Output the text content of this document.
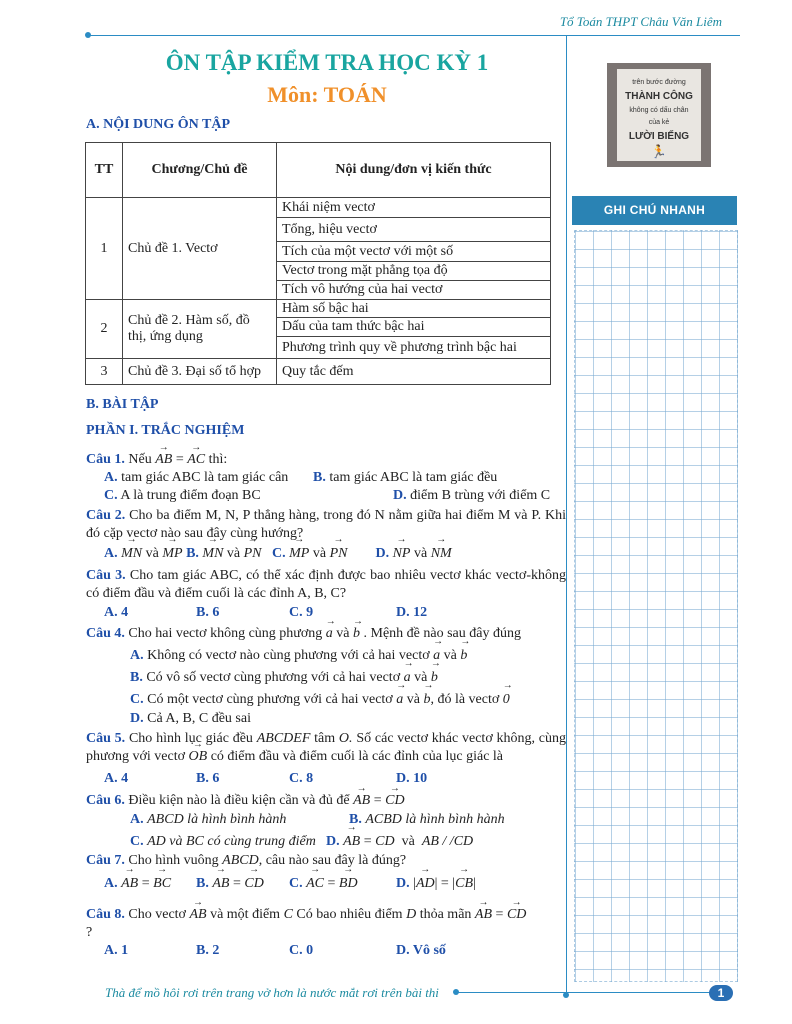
Tổ Toán THPT Châu Văn Liêm
ÔN TẬP KIỂM TRA HỌC KỲ 1
Môn: TOÁN	trên bước đường
THÀNH CÔNG
không có dấu chân
của kẻ
LƯỜI BIẾNG
🏃
GHI CHÚ NHANH
A. NỘI DUNG ÔN TẬP
TT	Chương/Chủ đề	Nội dung/đơn vị kiến thức
1	Chủ đề 1. Vectơ	Khái niệm vectơ
		Tổng, hiệu vectơ
		Tích của một vectơ với một số
		Vectơ trong mặt phẳng tọa độ
		Tích vô hướng của hai vectơ
2	Chủ đề 2. Hàm số, đồ thị, ứng dụng	Hàm số bậc hai
		Dấu của tam thức bậc hai
		Phương trình quy về phương trình bậc hai
3	Chủ đề 3. Đại số tổ hợp	Quy tắc đếm
B. BÀI TẬP
PHẦN I. TRẮC NGHIỆM
Câu 1. Nếu → AB = → AC thì:
A. tam giác ABC là tam giác cân B. tam giác ABC là tam giác đều
C. A là trung điểm đoạn BC	D. điểm B trùng với điểm C
Câu 2. Cho ba điểm M, N, P thẳng hàng, trong đó N nằm giữa hai điểm M và P. Khi đó cặp vectơ nào sau đây cùng hướng?
A. → MN và → MP B. → MN và → PN C. → MP và → PN D. → NP và → NM
Câu 3. Cho tam giác ABC, có thể xác định được bao nhiêu vectơ khác vectơ-không có điểm đầu và điểm cuối là các đỉnh A, B, C?
A. 4	B. 6	C. 9	D. 12
Câu 4. Cho hai vectơ không cùng phương → a và → b . Mệnh đề nào sau đây đúng
A. Không có vectơ nào cùng phương với cả hai vectơ → a và → b
B. Có vô số vectơ cùng phương với cả hai vectơ → a và → b
C. Có một vectơ cùng phương với cả hai vectơ → a và → b, đó là vectơ → 0
D. Cả A, B, C đều sai
Câu 5. Cho hình lục giác đều ABCDEF tâm O. Số các vectơ khác vectơ không, cùng phương với vectơ → OB có điểm đầu và điểm cuối là các đỉnh của lục giác là
A. 4	B. 6	C. 8	D. 10
Câu 6. Điều kiện nào là điều kiện cần và đủ để → AB = → CD
A. ABCD là hình bình hành	B. ACBD là hình bình hành
C. AD và BC có cùng trung điểm D. → AB = CD  và  AB / /CD
Câu 7. Cho hình vuông ABCD, câu nào sau đây là đúng?
A. → AB = → BC B. → AB = → CD C. → AC = → BD	D. |→ AD| = |→ CB|
Câu 8. Cho vectơ → AB và một điểm C Có bao nhiêu điểm D thỏa mãn → AB = → CD
?
A. 1	B. 2	C. 0	D. Vô số
Thà để mồ hôi rơi trên trang vở hơn là nước mắt rơi trên bài thi	1
